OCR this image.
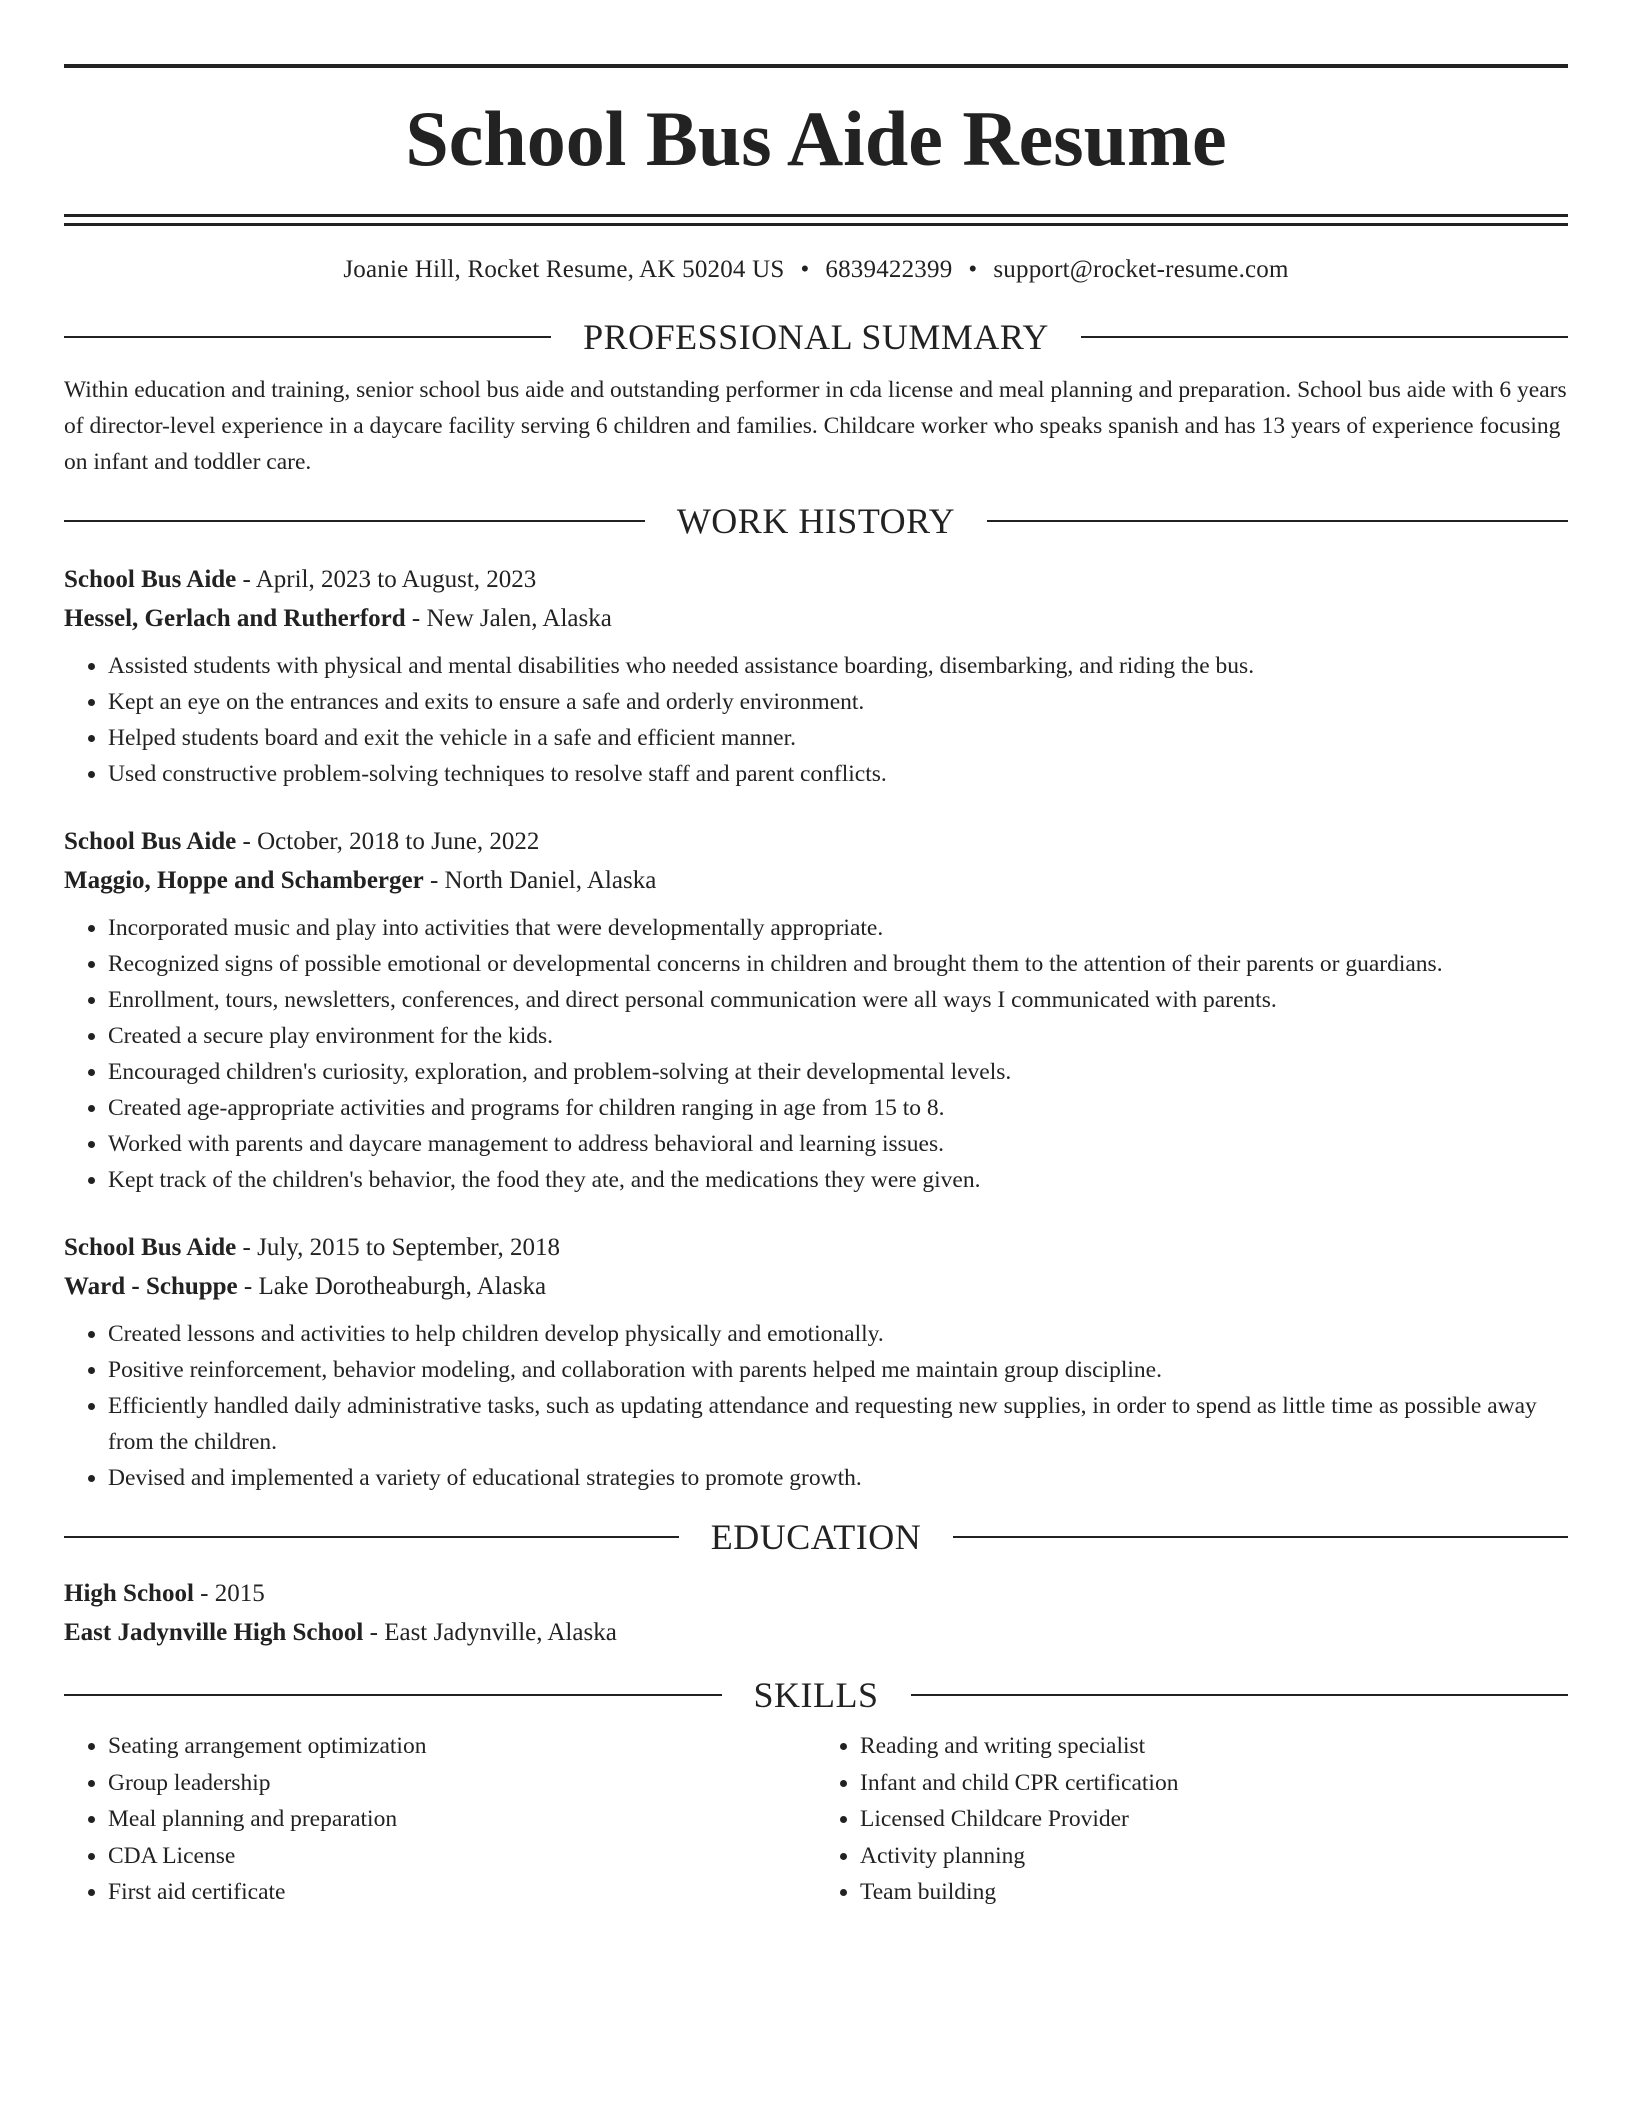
School Bus Aide Resume
Joanie Hill, Rocket Resume, AK 50204 US • 6839422399 • support@rocket-resume.com
PROFESSIONAL SUMMARY

Within education and training, senior school bus aide and outstanding performer in cda license and meal planning and preparation. School bus aide with 6 years of director-level experience in a daycare facility serving 6 children and families. Childcare worker who speaks spanish and has 13 years of experience focusing on infant and toddler care.

WORK HISTORY
School Bus Aide - April, 2023 to August, 2023
Hessel, Gerlach and Rutherford - New Jalen, Alaska
• Assisted students with physical and mental disabilities who needed assistance boarding, disembarking, and riding the bus.
• Kept an eye on the entrances and exits to ensure a safe and orderly environment.
• Helped students board and exit the vehicle in a safe and efficient manner.
• Used constructive problem-solving techniques to resolve staff and parent conflicts.
School Bus Aide - October, 2018 to June, 2022
Maggio, Hoppe and Schamberger - North Daniel, Alaska
• Incorporated music and play into activities that were developmentally appropriate.
• Recognized signs of possible emotional or developmental concerns in children and brought them to the attention of their parents or guardians.
• Enrollment, tours, newsletters, conferences, and direct personal communication were all ways I communicated with parents.
• Created a secure play environment for the kids.
• Encouraged children's curiosity, exploration, and problem-solving at their developmental levels.
• Created age-appropriate activities and programs for children ranging in age from 15 to 8.
• Worked with parents and daycare management to address behavioral and learning issues.
• Kept track of the children's behavior, the food they ate, and the medications they were given.
School Bus Aide - July, 2015 to September, 2018
Ward - Schuppe - Lake Dorotheaburgh, Alaska
• Created lessons and activities to help children develop physically and emotionally.
• Positive reinforcement, behavior modeling, and collaboration with parents helped me maintain group discipline.
• Efficiently handled daily administrative tasks, such as updating attendance and requesting new supplies, in order to spend as little time as possible away from the children.
• Devised and implemented a variety of educational strategies to promote growth.
EDUCATION
High School - 2015
East Jadynville High School - East Jadynville, Alaska
SKILLS
• Seating arrangement optimization
• Group leadership
• Meal planning and preparation
• CDA License
• First aid certificate
• Reading and writing specialist
• Infant and child CPR certification
• Licensed Childcare Provider
• Activity planning
• Team building
